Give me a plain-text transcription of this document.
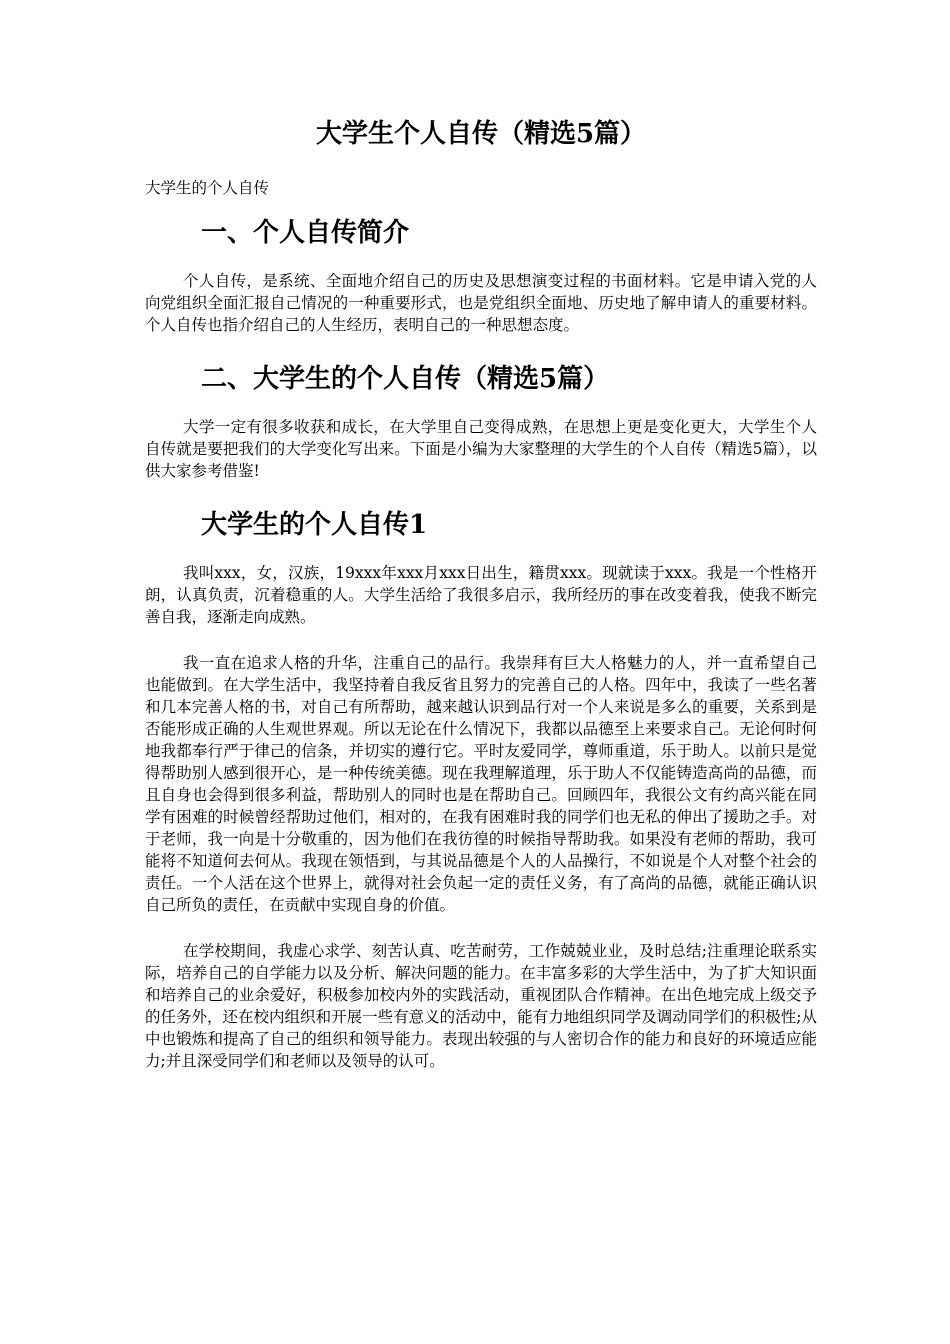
大学生个人自传（精选5篇）
大学生的个人自传
一、个人自传简介

个人自传，是系统、全面地介绍自己的历史及思想演变过程的书面材料。它是申请入党的人向党组织全面汇报自己情况的一种重要形式，也是党组织全面地、历史地了解申请人的重要材料。个人自传也指介绍自己的人生经历，表明自己的一种思想态度。

二、大学生的个人自传（精选5篇）

大学一定有很多收获和成长，在大学里自己变得成熟，在思想上更是变化更大，大学生个人自传就是要把我们的大学变化写出来。下面是小编为大家整理的大学生的个人自传（精选5篇），以供大家参考借鉴!

大学生的个人自传1

我叫xxx，女，汉族，19xxx年xxx月xxx日出生，籍贯xxx。现就读于xxx。我是一个性格开朗，认真负责，沉着稳重的人。大学生活给了我很多启示，我所经历的事在改变着我，使我不断完善自我，逐渐走向成熟。

我一直在追求人格的升华，注重自己的品行。我崇拜有巨大人格魅力的人，并一直希望自己也能做到。在大学生活中，我坚持着自我反省且努力的完善自己的人格。四年中，我读了一些名著和几本完善人格的书，对自己有所帮助，越来越认识到品行对一个人来说是多么的重要，关系到是否能形成正确的人生观世界观。所以无论在什么情况下，我都以品德至上来要求自己。无论何时何地我都奉行严于律己的信条，并切实的遵行它。平时友爱同学，尊师重道，乐于助人。以前只是觉得帮助别人感到很开心，是一种传统美德。现在我理解道理，乐于助人不仅能铸造高尚的品德，而且自身也会得到很多利益，帮助别人的同时也是在帮助自己。回顾四年，我很公文有约高兴能在同学有困难的时候曾经帮助过他们，相对的，在我有困难时我的同学们也无私的伸出了援助之手。对于老师，我一向是十分敬重的，因为他们在我彷徨的时候指导帮助我。如果没有老师的帮助，我可能将不知道何去何从。我现在领悟到，与其说品德是个人的人品操行，不如说是个人对整个社会的责任。一个人活在这个世界上，就得对社会负起一定的责任义务，有了高尚的品德，就能正确认识自己所负的责任，在贡献中实现自身的价值。

在学校期间，我虚心求学、刻苦认真、吃苦耐劳，工作兢兢业业，及时总结;注重理论联系实际，培养自己的自学能力以及分析、解决问题的能力。在丰富多彩的大学生活中，为了扩大知识面和培养自己的业余爱好，积极参加校内外的实践活动，重视团队合作精神。在出色地完成上级交予的任务外，还在校内组织和开展一些有意义的活动中，能有力地组织同学及调动同学们的积极性;从中也锻炼和提高了自己的组织和领导能力。表现出较强的与人密切合作的能力和良好的环境适应能力;并且深受同学们和老师以及领导的认可。
